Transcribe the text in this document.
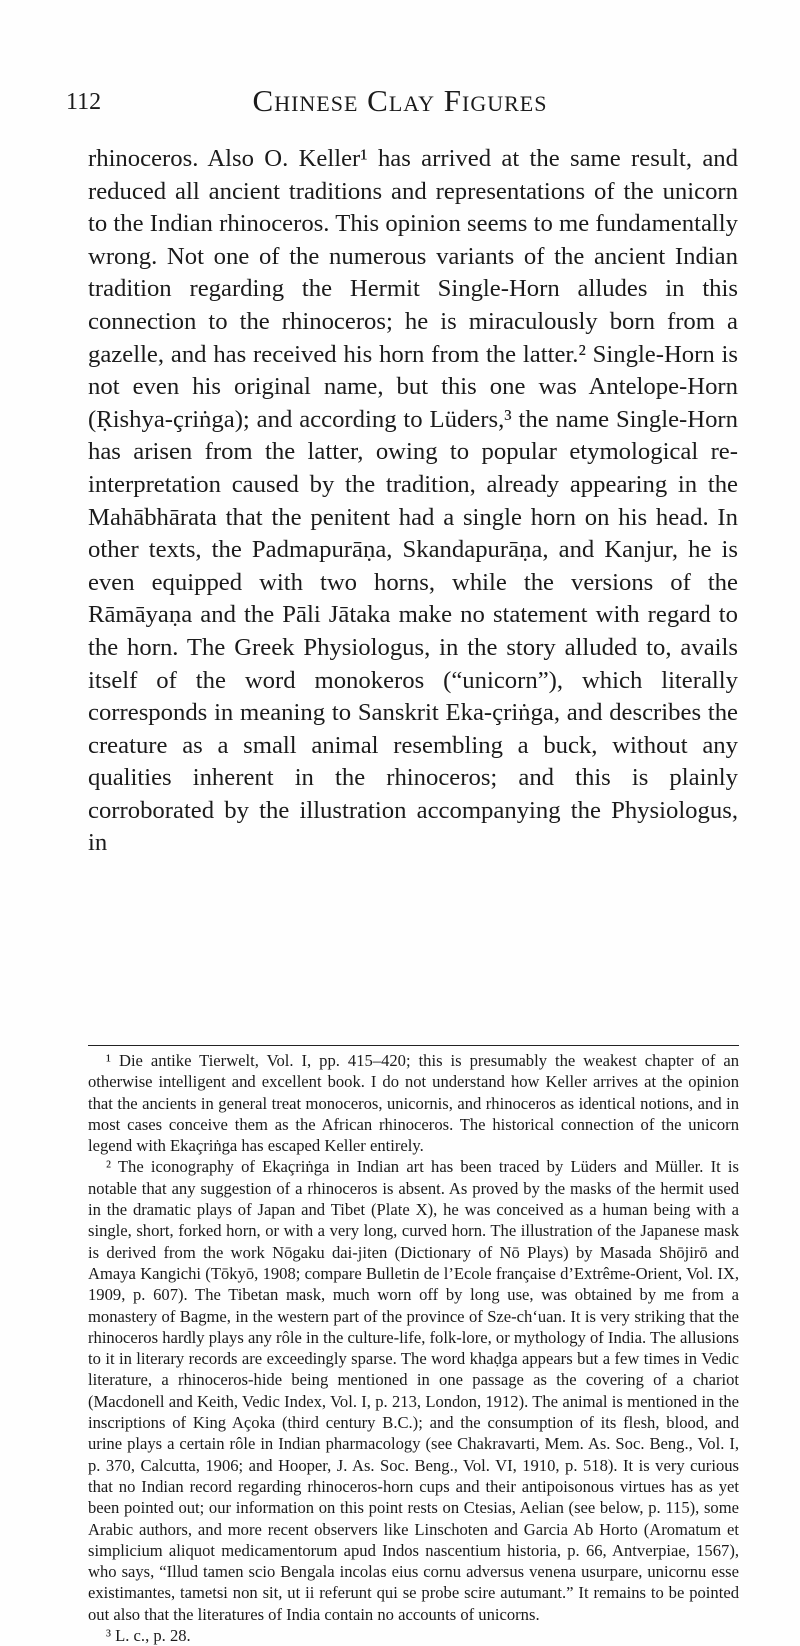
112	Chinese Clay Figures

rhinoceros. Also O. Keller¹ has arrived at the same result, and reduced all ancient traditions and representations of the unicorn to the Indian rhinoceros. This opinion seems to me fundamentally wrong. Not one of the numerous variants of the ancient Indian tradition regarding the Hermit Single-Horn alludes in this connection to the rhinoceros; he is miraculously born from a gazelle, and has received his horn from the latter.² Single-Horn is not even his original name, but this one was Antelope-Horn (Ṛishya-çriṅga); and according to Lüders,³ the name Single-Horn has arisen from the latter, owing to popular etymological re-interpretation caused by the tradition, already appearing in the Mahābhārata that the penitent had a single horn on his head. In other texts, the Padmapurāṇa, Skandapurāṇa, and Kanjur, he is even equipped with two horns, while the versions of the Rāmāyaṇa and the Pāli Jātaka make no statement with regard to the horn. The Greek Physiologus, in the story alluded to, avails itself of the word monokeros (“unicorn”), which literally corresponds in meaning to Sanskrit Eka-çriṅga, and describes the creature as a small animal resembling a buck, without any qualities inherent in the rhinoceros; and this is plainly corroborated by the illustration accompanying the Physiologus, in

¹ Die antike Tierwelt, Vol. I, pp. 415–420; this is presumably the weakest chapter of an otherwise intelligent and excellent book. I do not understand how Keller arrives at the opinion that the ancients in general treat monoceros, unicornis, and rhinoceros as identical notions, and in most cases conceive them as the African rhinoceros. The historical connection of the unicorn legend with Ekaçriṅga has escaped Keller entirely.

² The iconography of Ekaçriṅga in Indian art has been traced by Lüders and Müller. It is notable that any suggestion of a rhinoceros is absent. As proved by the masks of the hermit used in the dramatic plays of Japan and Tibet (Plate X), he was conceived as a human being with a single, short, forked horn, or with a very long, curved horn. The illustration of the Japanese mask is derived from the work Nōgaku dai-jiten (Dictionary of Nō Plays) by Masada Shōjirō and Amaya Kangichi (Tōkyō, 1908; compare Bulletin de l’Ecole française d’Extrême-Orient, Vol. IX, 1909, p. 607). The Tibetan mask, much worn off by long use, was obtained by me from a monastery of Bagme, in the western part of the province of Sze-ch‘uan. It is very striking that the rhinoceros hardly plays any rôle in the culture-life, folk-lore, or mythology of India. The allusions to it in literary records are exceedingly sparse. The word khaḍga appears but a few times in Vedic literature, a rhinoceros-hide being mentioned in one passage as the covering of a chariot (Macdonell and Keith, Vedic Index, Vol. I, p. 213, London, 1912). The animal is mentioned in the inscriptions of King Açoka (third century B.C.); and the consumption of its flesh, blood, and urine plays a certain rôle in Indian pharmacology (see Chakravarti, Mem. As. Soc. Beng., Vol. I, p. 370, Calcutta, 1906; and Hooper, J. As. Soc. Beng., Vol. VI, 1910, p. 518). It is very curious that no Indian record regarding rhinoceros-horn cups and their antipoisonous virtues has as yet been pointed out; our information on this point rests on Ctesias, Aelian (see below, p. 115), some Arabic authors, and more recent observers like Linschoten and Garcia Ab Horto (Aromatum et simplicium aliquot medicamentorum apud Indos nascentium historia, p. 66, Antverpiae, 1567), who says, “Illud tamen scio Bengala incolas eius cornu adversus venena usurpare, unicornu esse existimantes, tametsi non sit, ut ii referunt qui se probe scire autumant.” It remains to be pointed out also that the literatures of India contain no accounts of unicorns.

³ L. c., p. 28.
